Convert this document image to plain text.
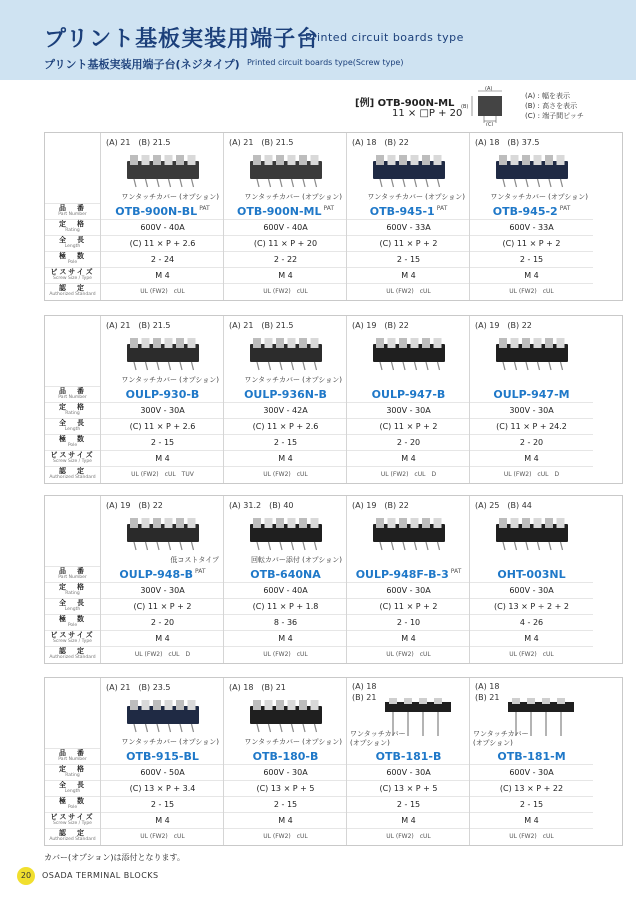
プリント基板実装用端子台
Printed circuit boards type
プリント基板実装用端子台(ネジタイプ) Printed circuit boards type(Screw type)
[例] OTB-900N-ML
11 × □P + 20
(A)
(B)
(C)
(A) : 幅を表示
(B) : 高さを表示
(C) : 端子間ピッチ
品　番
Part Number
定　格
Rating
全　長
Length
極　数
Pole
ビスサイズ
Screw Size / Type
認　定
Authorized Standard
(A) 21　(B) 21.5
ワンタッチカバー (オプション)
OTB-900N-BL $^{PAT}$
600V - 40A
(C) 11 × P + 2.6
2 - 24
M 4
UL (FW2)　cUL
(A) 21　(B) 21.5
ワンタッチカバー (オプション)
OTB-900N-ML $^{PAT}$
600V - 40A
(C) 11 × P + 20
2 - 22
M 4
UL (FW2)　cUL
(A) 18　(B) 22
ワンタッチカバー (オプション)
OTB-945-1 $^{PAT}$
600V - 33A
(C) 11 × P + 2
2 - 15
M 4
UL (FW2)　cUL
(A) 18　(B) 37.5
ワンタッチカバー (オプション)
OTB-945-2 $^{PAT}$
600V - 33A
(C) 11 × P + 2
2 - 15
M 4
UL (FW2)　cUL
品　番
Part Number
定　格
Rating
全　長
Length
極　数
Pole
ビスサイズ
Screw Size / Type
認　定
Authorized Standard
(A) 21　(B) 21.5
ワンタッチカバー (オプション)
OULP-930-B
300V - 30A
(C) 11 × P + 2.6
2 - 15
M 4
UL (FW2)　cUL　TUV
(A) 21　(B) 21.5
ワンタッチカバー (オプション)
OULP-936N-B
300V - 42A
(C) 11 × P + 2.6
2 - 15
M 4
UL (FW2)　cUL
(A) 19　(B) 22
OULP-947-B
300V - 30A
(C) 11 × P + 2
2 - 20
M 4
UL (FW2)　cUL　D
(A) 19　(B) 22
OULP-947-M
300V - 30A
(C) 11 × P + 24.2
2 - 20
M 4
UL (FW2)　cUL　D
品　番
Part Number
定　格
Rating
全　長
Length
極　数
Pole
ビスサイズ
Screw Size / Type
認　定
Authorized Standard
(A) 19　(B) 22
低コストタイプ
OULP-948-B $^{PAT}$
300V - 30A
(C) 11 × P + 2
2 - 20
M 4
UL (FW2)　cUL　D
(A) 31.2　(B) 40
回転カバー添付 (オプション)
OTB-640NA
600V - 40A
(C) 11 × P + 1.8
8 - 36
M 4
UL (FW2)　cUL
(A) 19　(B) 22
OULP-948F-B-3 $^{PAT}$
600V - 30A
(C) 11 × P + 2
2 - 10
M 4
UL (FW2)　cUL
(A) 25　(B) 44
OHT-003NL
600V - 30A
(C) 13 × P ÷ 2 + 2
4 - 26
M 4
UL (FW2)　cUL
品　番
Part Number
定　格
Rating
全　長
Length
極　数
Pole
ビスサイズ
Screw Size / Type
認　定
Authorized Standard
(A) 21　(B) 23.5
ワンタッチカバー (オプション)
OTB-915-BL
600V - 50A
(C) 13 × P + 3.4
2 - 15
M 4
UL (FW2)　cUL
(A) 18　(B) 21
ワンタッチカバー (オプション)
OTB-180-B
600V - 30A
(C) 13 × P + 5
2 - 15
M 4
UL (FW2)　cUL
(A) 18
(B) 21
ワンタッチカバー
(オプション)
OTB-181-B
600V - 30A
(C) 13 × P + 5
2 - 15
M 4
UL (FW2)　cUL
(A) 18
(B) 21
ワンタッチカバー
(オプション)
OTB-181-M
600V - 30A
(C) 13 × P + 22
2 - 15
M 4
UL (FW2)　cUL
カバー(オプション)は添付となります。
20	OSADA TERMINAL BLOCKS
